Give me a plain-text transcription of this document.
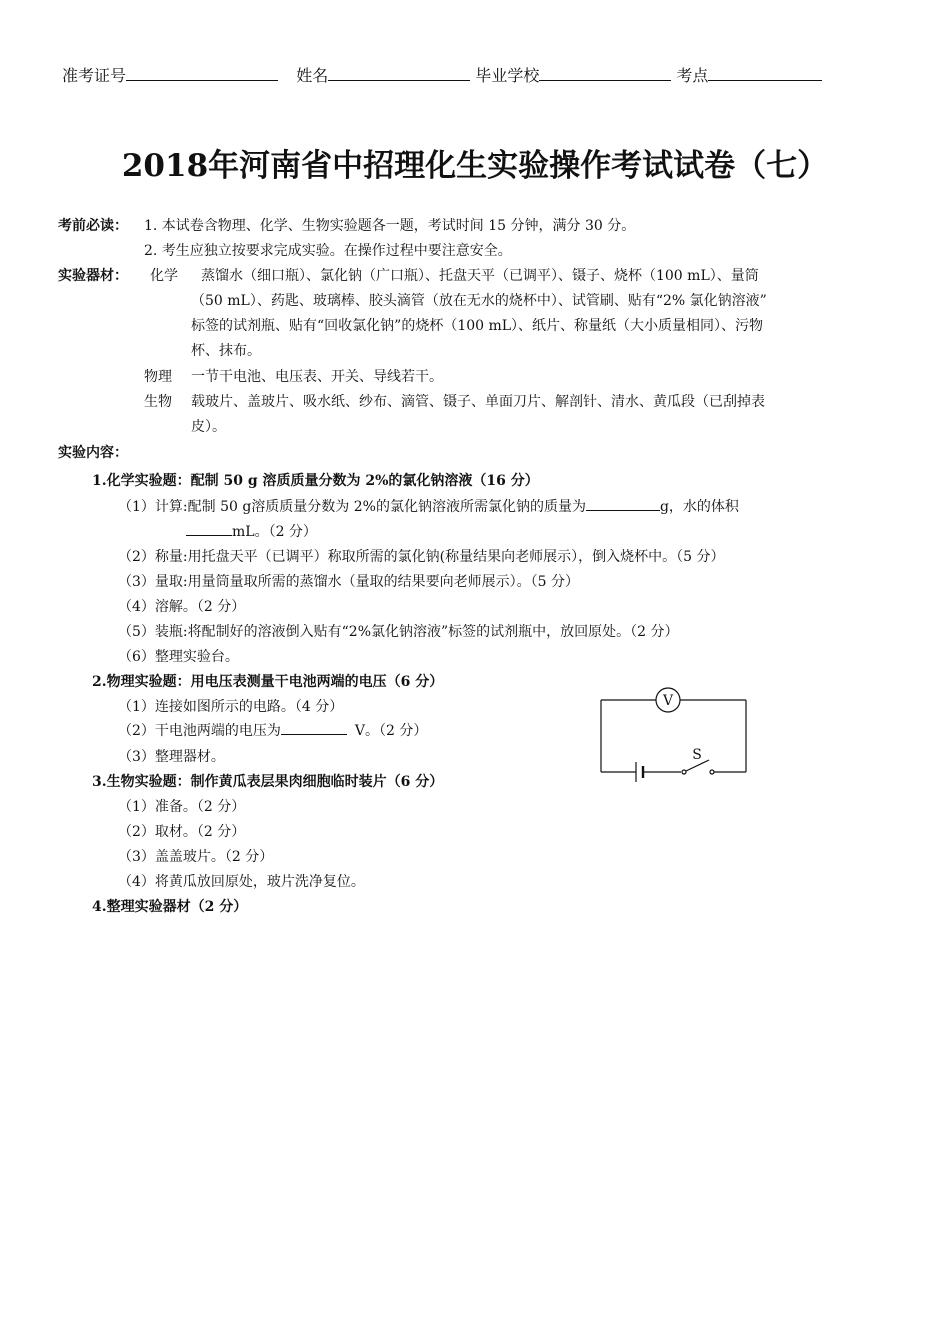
准考证号	姓名	毕业学校	考点
2018年河南省中招理化生实验操作考试试卷（七）
考前必读： 1. 本试卷含物理、化学、生物实验题各一题，考试时间 15 分钟，满分 30 分。
2. 考生应独立按要求完成实验。在操作过程中要注意安全。
实验器材： 化学 蒸馏水（细口瓶）、氯化钠（广口瓶）、托盘天平（已调平）、镊子、烧杯（100 mL）、量筒
（50 mL）、药匙、玻璃棒、胶头滴管（放在无水的烧杯中）、试管刷、贴有“2% 氯化钠溶液”
标签的试剂瓶、贴有“回收氯化钠”的烧杯（100 mL）、纸片、称量纸（大小质量相同）、污物
杯、抹布。
物理 一节干电池、电压表、开关、导线若干。
生物 载玻片、盖玻片、吸水纸、纱布、滴管、镊子、单面刀片、解剖针、清水、黄瓜段（已刮掉表
皮）。
实验内容：
1.化学实验题：配制 50 g 溶质质量分数为 2%的氯化钠溶液（16 分）
（1）计算:配制 50 g溶质质量分数为 2%的氯化钠溶液所需氯化钠的质量为	g，水的体积
mL。（2 分）
（2）称量:用托盘天平（已调平）称取所需的氯化钠(称量结果向老师展示），倒入烧杯中。（5 分）
（3）量取:用量筒量取所需的蒸馏水（量取的结果要向老师展示）。（5 分）
（4）溶解。（2 分）
（5）装瓶:将配制好的溶液倒入贴有“2%氯化钠溶液”标签的试剂瓶中，放回原处。（2 分）
（6）整理实验台。
2.物理实验题：用电压表测量干电池两端的电压（6 分）
（1）连接如图所示的电路。（4 分）
（2）干电池两端的电压为	V。（2 分）
（3）整理器材。
V
S
3.生物实验题：制作黄瓜表层果肉细胞临时装片（6 分）
（1）准备。（2 分）
（2）取材。（2 分）
（3）盖盖玻片。（2 分）
（4）将黄瓜放回原处，玻片洗净复位。
4.整理实验器材（2 分）
